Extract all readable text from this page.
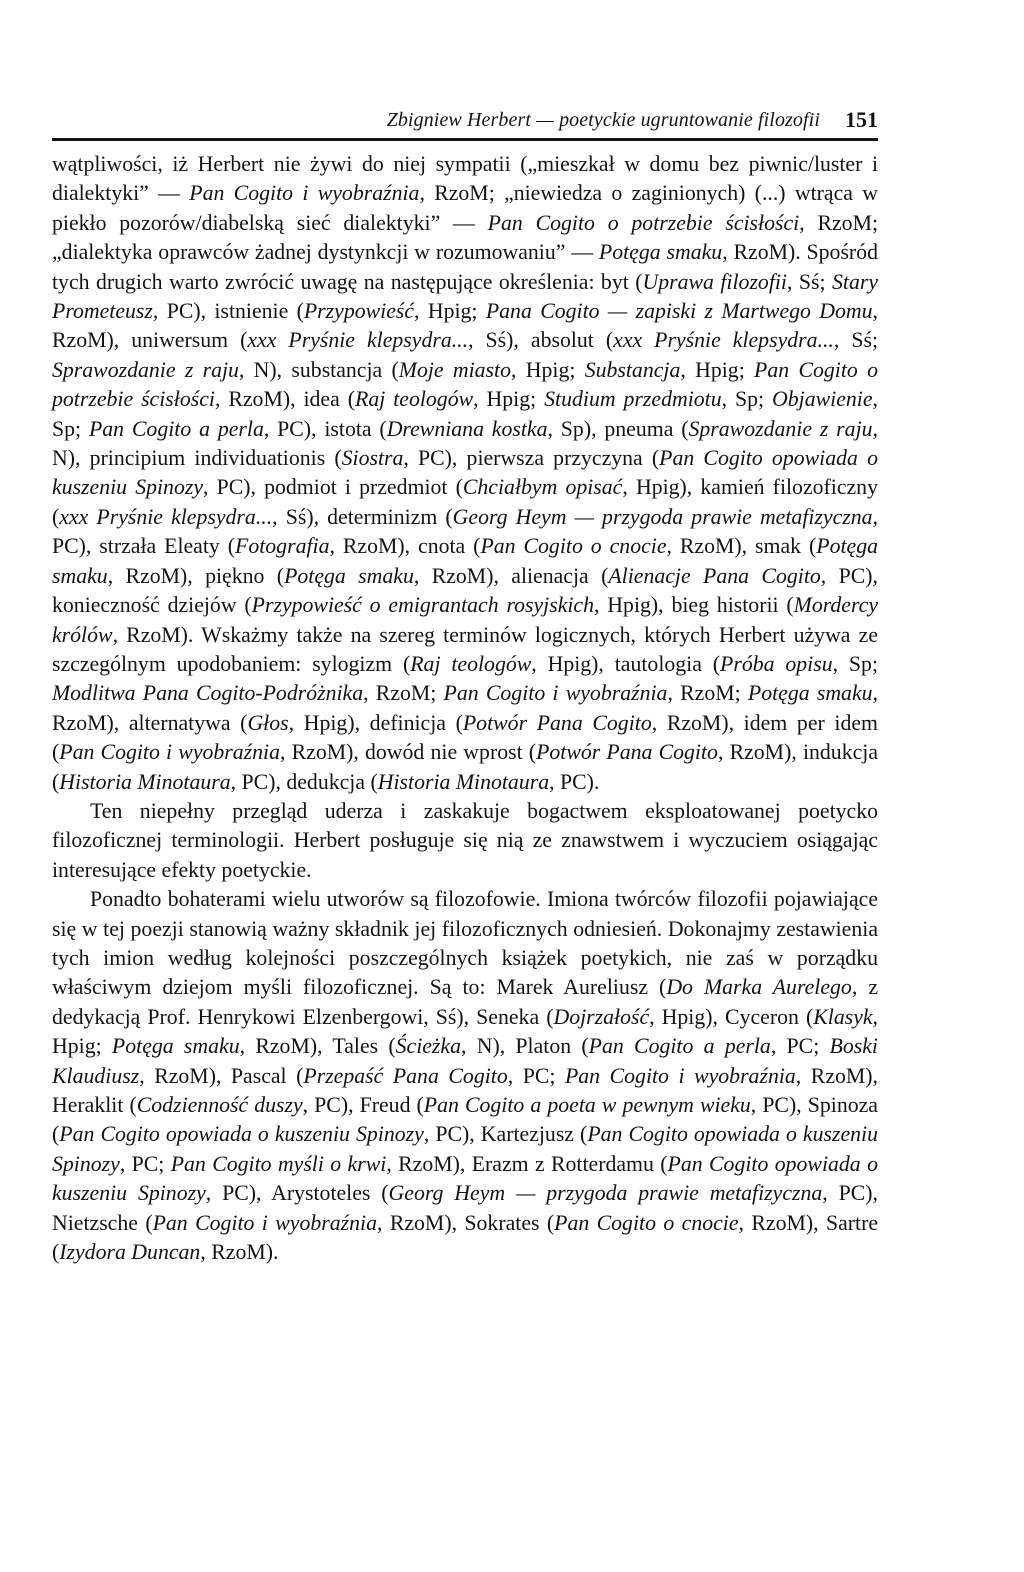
Zbigniew Herbert — poetyckie ugruntowanie filozofii 151

wątpliwości, iż Herbert nie żywi do niej sympatii („mieszkał w domu bez piwnic/luster i dialektyki” — Pan Cogito i wyobraźnia, RzoM; „niewiedza o zaginionych) (...) wtrąca w piekło pozorów/diabelską sieć dialektyki” — Pan Cogito o potrzebie ścisłości, RzoM; „dialektyka oprawców żadnej dystynkcji w rozumowaniu” — Potęga smaku, RzoM). Spośród tych drugich warto zwrócić uwagę na następujące określenia: byt (Uprawa filozofii, Sś; Stary Prometeusz, PC), istnienie (Przypowieść, Hpig; Pana Cogito — zapiski z Martwego Domu, RzoM), uniwersum (xxx Pryśnie klepsydra..., Sś), absolut (xxx Pryśnie klepsydra..., Sś; Sprawozdanie z raju, N), substancja (Moje miasto, Hpig; Substancja, Hpig; Pan Cogito o potrzebie ścisłości, RzoM), idea (Raj teologów, Hpig; Studium przedmiotu, Sp; Objawienie, Sp; Pan Cogito a perla, PC), istota (Drewniana kostka, Sp), pneuma (Sprawozdanie z raju, N), principium individuationis (Siostra, PC), pierwsza przyczyna (Pan Cogito opowiada o kuszeniu Spinozy, PC), podmiot i przedmiot (Chciałbym opisać, Hpig), kamień filozoficzny (xxx Pryśnie klepsydra..., Sś), determinizm (Georg Heym — przygoda prawie metafizyczna, PC), strzała Eleaty (Fotografia, RzoM), cnota (Pan Cogito o cnocie, RzoM), smak (Potęga smaku, RzoM), piękno (Potęga smaku, RzoM), alienacja (Alienacje Pana Cogito, PC), konieczność dziejów (Przypowieść o emigrantach rosyjskich, Hpig), bieg historii (Mordercy królów, RzoM). Wskażmy także na szereg terminów logicznych, których Herbert używa ze szczególnym upodobaniem: sylogizm (Raj teologów, Hpig), tautologia (Próba opisu, Sp; Modlitwa Pana Cogito-Podróżnika, RzoM; Pan Cogito i wyobraźnia, RzoM; Potęga smaku, RzoM), alternatywa (Głos, Hpig), definicja (Potwór Pana Cogito, RzoM), idem per idem (Pan Cogito i wyobraźnia, RzoM), dowód nie wprost (Potwór Pana Cogito, RzoM), indukcja (Historia Minotaura, PC), dedukcja (Historia Minotaura, PC).

Ten niepełny przegląd uderza i zaskakuje bogactwem eksploatowanej poetycko filozoficznej terminologii. Herbert posługuje się nią ze znawstwem i wyczuciem osiągając interesujące efekty poetyckie.

Ponadto bohaterami wielu utworów są filozofowie. Imiona twórców filozofii pojawiające się w tej poezji stanowią ważny składnik jej filozoficznych odniesień. Dokonajmy zestawienia tych imion według kolejności poszczególnych książek poetykich, nie zaś w porządku właściwym dziejom myśli filozoficznej. Są to: Marek Aureliusz (Do Marka Aurelego, z dedykacją Prof. Henrykowi Elzenbergowi, Sś), Seneka (Dojrzałość, Hpig), Cyceron (Klasyk, Hpig; Potęga smaku, RzoM), Tales (Ścieżka, N), Platon (Pan Cogito a perla, PC; Boski Klaudiusz, RzoM), Pascal (Przepaść Pana Cogito, PC; Pan Cogito i wyobraźnia, RzoM), Heraklit (Codzienność duszy, PC), Freud (Pan Cogito a poeta w pewnym wieku, PC), Spinoza (Pan Cogito opowiada o kuszeniu Spinozy, PC), Kartezjusz (Pan Cogito opowiada o kuszeniu Spinozy, PC; Pan Cogito myśli o krwi, RzoM), Erazm z Rotterdamu (Pan Cogito opowiada o kuszeniu Spinozy, PC), Arystoteles (Georg Heym — przygoda prawie metafizyczna, PC), Nietzsche (Pan Cogito i wyobraźnia, RzoM), Sokrates (Pan Cogito o cnocie, RzoM), Sartre (Izydora Duncan, RzoM).
